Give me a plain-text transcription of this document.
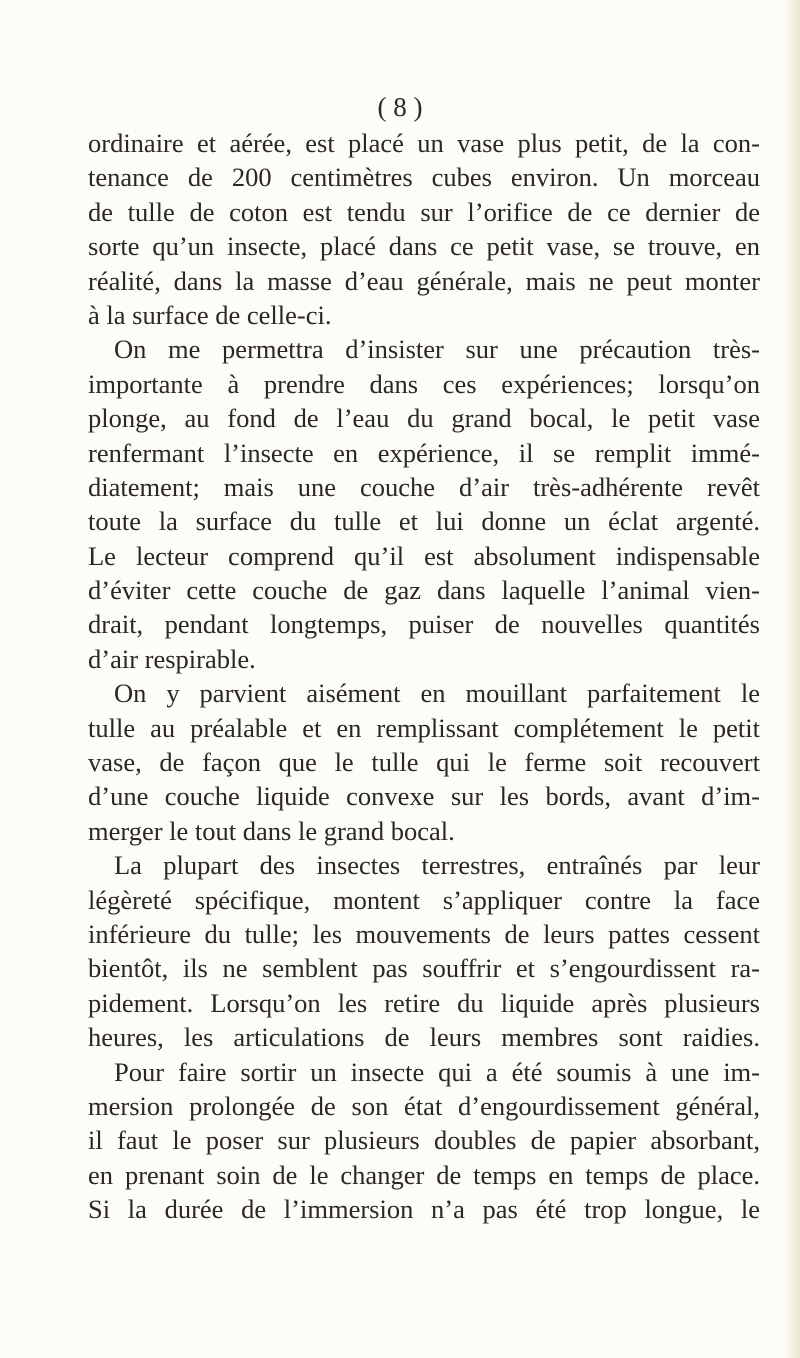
( 8 )

ordinaire et aérée, est placé un vase plus petit, de la con-
tenance de 200 centimètres cubes environ. Un morceau
de tulle de coton est tendu sur l’orifice de ce dernier de
sorte qu’un insecte, placé dans ce petit vase, se trouve, en
réalité, dans la masse d’eau générale, mais ne peut monter
à la surface de celle-ci.
On me permettra d’insister sur une précaution très-
importante à prendre dans ces expériences; lorsqu’on
plonge, au fond de l’eau du grand bocal, le petit vase
renfermant l’insecte en expérience, il se remplit immé-
diatement; mais une couche d’air très-adhérente revêt
toute la surface du tulle et lui donne un éclat argenté.
Le lecteur comprend qu’il est absolument indispensable
d’éviter cette couche de gaz dans laquelle l’animal vien-
drait, pendant longtemps, puiser de nouvelles quantités
d’air respirable.
On y parvient aisément en mouillant parfaitement le
tulle au préalable et en remplissant complétement le petit
vase, de façon que le tulle qui le ferme soit recouvert
d’une couche liquide convexe sur les bords, avant d’im-
merger le tout dans le grand bocal.
La plupart des insectes terrestres, entraînés par leur
légèreté spécifique, montent s’appliquer contre la face
inférieure du tulle; les mouvements de leurs pattes cessent
bientôt, ils ne semblent pas souffrir et s’engourdissent ra-
pidement. Lorsqu’on les retire du liquide après plusieurs
heures, les articulations de leurs membres sont raidies.
Pour faire sortir un insecte qui a été soumis à une im-
mersion prolongée de son état d’engourdissement général,
il faut le poser sur plusieurs doubles de papier absorbant,
en prenant soin de le changer de temps en temps de place.
Si la durée de l’immersion n’a pas été trop longue, le
